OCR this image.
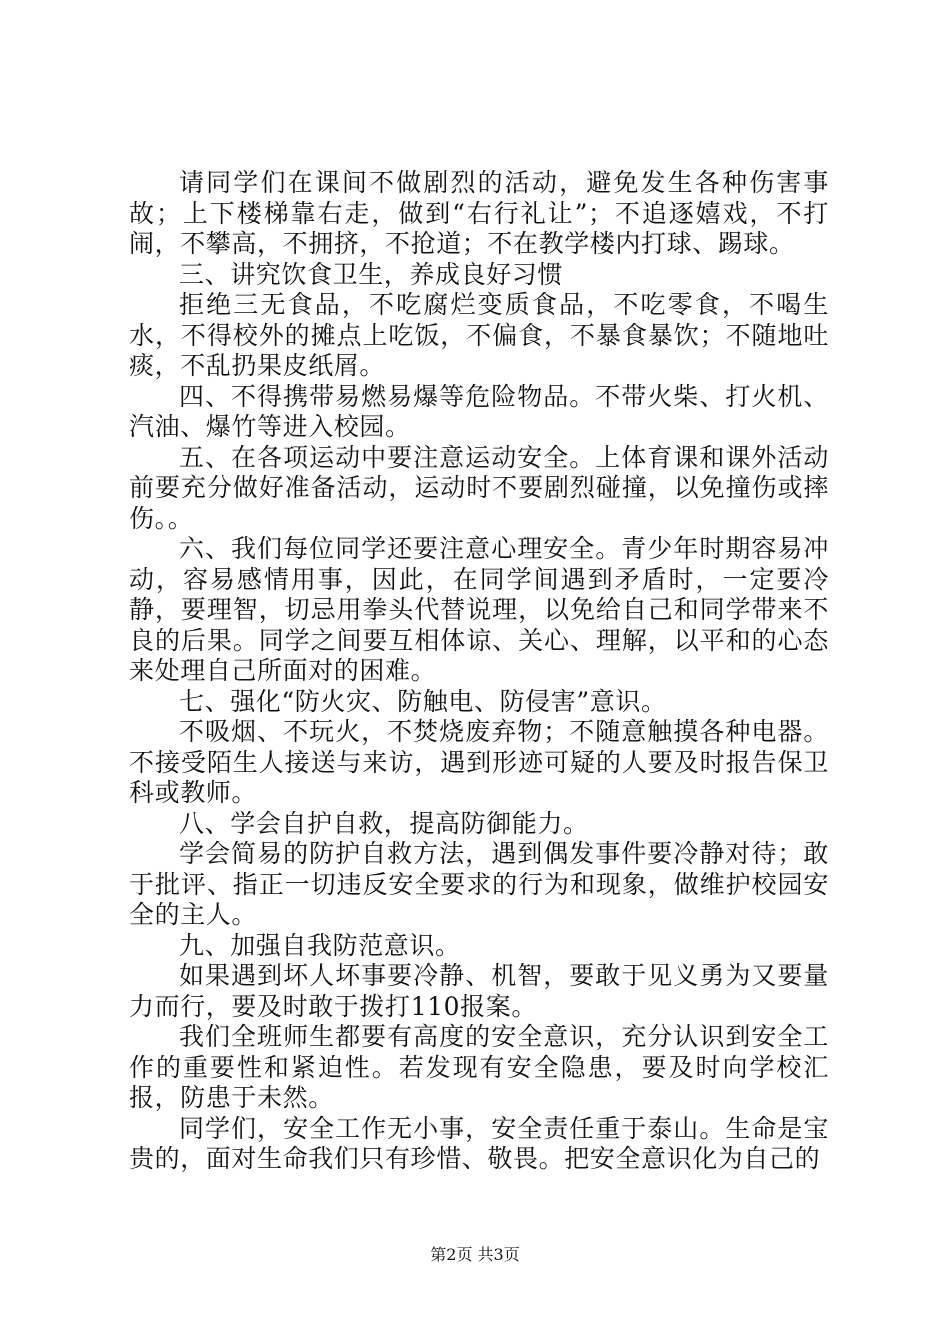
请同学们在课间不做剧烈的活动，避免发生各种伤害事故；上下楼梯靠右走，做到“右行礼让”；不追逐嬉戏，不打闹，不攀高，不拥挤，不抢道；不在教学楼内打球、踢球。

三、讲究饮食卫生，养成良好习惯

拒绝三无食品，不吃腐烂变质食品，不吃零食，不喝生水，不得校外的摊点上吃饭，不偏食，不暴食暴饮；不随地吐痰，不乱扔果皮纸屑。

四、不得携带易燃易爆等危险物品。不带火柴、打火机、汽油、爆竹等进入校园。

五、在各项运动中要注意运动安全。上体育课和课外活动前要充分做好准备活动，运动时不要剧烈碰撞，以免撞伤或摔伤。。

六、我们每位同学还要注意心理安全。青少年时期容易冲动，容易感情用事，因此，在同学间遇到矛盾时，一定要冷静，要理智，切忌用拳头代替说理，以免给自己和同学带来不良的后果。同学之间要互相体谅、关心、理解，以平和的心态来处理自己所面对的困难。

七、强化“防火灾、防触电、防侵害”意识。

不吸烟、不玩火，不焚烧废弃物；不随意触摸各种电器。不接受陌生人接送与来访，遇到形迹可疑的人要及时报告保卫科或教师。

八、学会自护自救，提高防御能力。

学会简易的防护自救方法，遇到偶发事件要冷静对待；敢于批评、指正一切违反安全要求的行为和现象，做维护校园安全的主人。

九、加强自我防范意识。

如果遇到坏人坏事要冷静、机智，要敢于见义勇为又要量力而行，要及时敢于拨打110报案。

我们全班师生都要有高度的安全意识，充分认识到安全工作的重要性和紧迫性。若发现有安全隐患，要及时向学校汇报，防患于未然。

同学们，安全工作无小事，安全责任重于泰山。生命是宝贵的，面对生命我们只有珍惜、敬畏。把安全意识化为自己的

第2页 共3页
